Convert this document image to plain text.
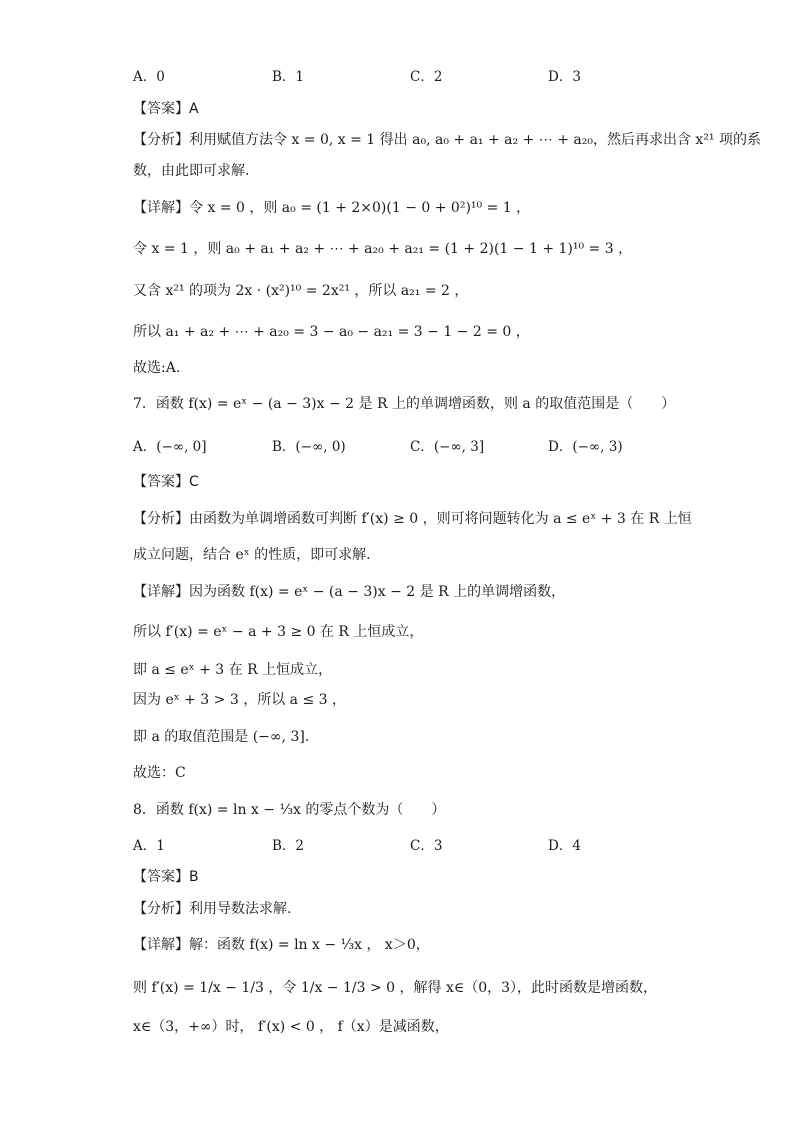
A．0	B．1	C．2	D．3
【答案】A
【分析】利用赋值方法令 x = 0, x = 1 得出 a₀, a₀ + a₁ + a₂ + ⋯ + a₂₀，然后再求出含 x²¹ 项的系
数，由此即可求解.
【详解】令 x = 0 ，则 a₀ = (1 + 2×0)(1 − 0 + 0²)¹⁰ = 1 ，
令 x = 1 ，则 a₀ + a₁ + a₂ + ⋯ + a₂₀ + a₂₁ = (1 + 2)(1 − 1 + 1)¹⁰ = 3 ，
又含 x²¹ 的项为 2x · (x²)¹⁰ = 2x²¹ ，所以 a₂₁ = 2 ，
所以 a₁ + a₂ + ⋯ + a₂₀ = 3 − a₀ − a₂₁ = 3 − 1 − 2 = 0 ，
故选:A.
7．函数 f(x) = eˣ − (a − 3)x − 2 是 R 上的单调增函数，则 a 的取值范围是（　　）
A．(−∞, 0]	B．(−∞, 0)	C．(−∞, 3]	D．(−∞, 3)
【答案】C
【分析】由函数为单调增函数可判断 f′(x) ≥ 0 ，则可将问题转化为 a ≤ eˣ + 3 在 R 上恒
成立问题，结合 eˣ 的性质，即可求解.
【详解】因为函数 f(x) = eˣ − (a − 3)x − 2 是 R 上的单调增函数，
所以 f′(x) = eˣ − a + 3 ≥ 0 在 R 上恒成立，
即 a ≤ eˣ + 3 在 R 上恒成立，
因为 eˣ + 3 > 3 ，所以 a ≤ 3 ，
即 a 的取值范围是 (−∞, 3].
故选：C
8．函数 f(x) = ln x − ⅓x 的零点个数为（　　）
A．1	B．2	C．3	D．4
【答案】B
【分析】利用导数法求解.
【详解】解：函数 f(x) = ln x − ⅓x ， x＞0，
则 f′(x) = 1/x − 1/3 ，令 1/x − 1/3 > 0 ，解得 x∈（0，3），此时函数是增函数，
x∈（3，+∞）时， f′(x) < 0 ， f（x）是减函数，
